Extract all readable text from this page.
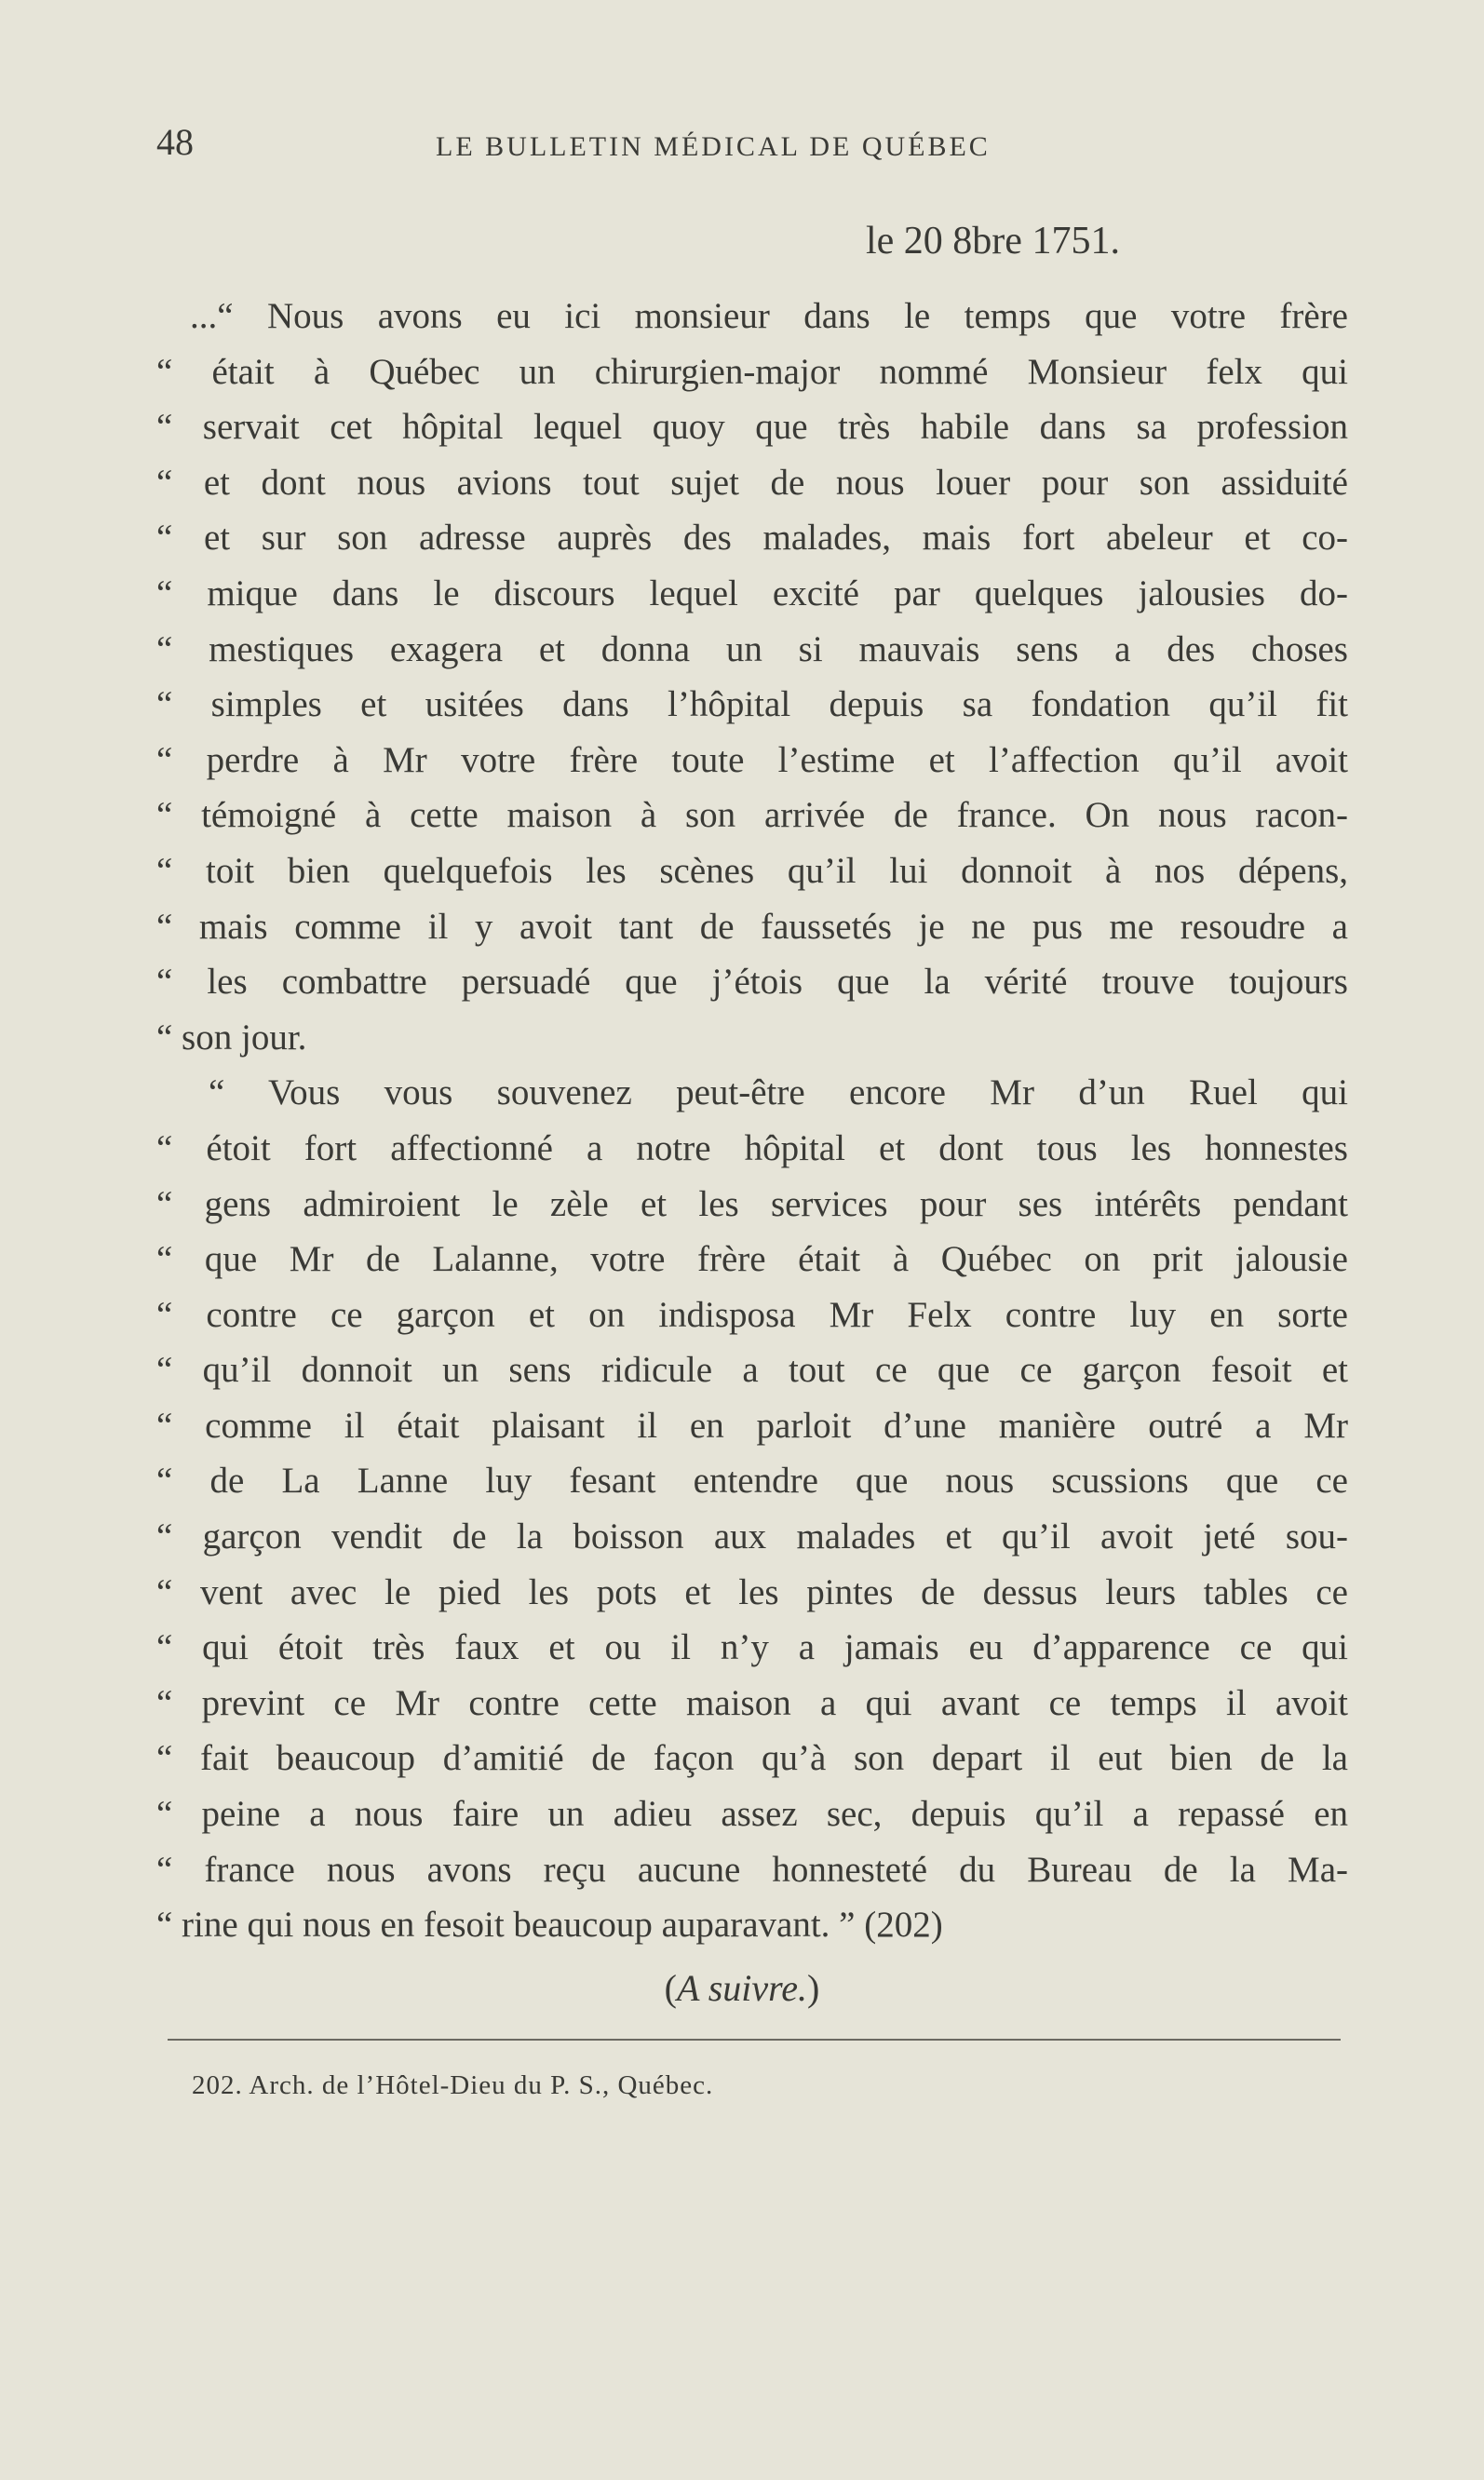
48	LE BULLETIN MÉDICAL DE QUÉBEC
le 20 8bre 1751.
...“ Nous avons eu ici monsieur dans le temps que votre frère
“ était à Québec un chirurgien-major nommé Monsieur felx qui
“ servait cet hôpital lequel quoy que très habile dans sa profession
“ et dont nous avions tout sujet de nous louer pour son assiduité
“ et sur son adresse auprès des malades, mais fort abeleur et co-
“ mique dans le discours lequel excité par quelques jalousies do-
“ mestiques exagera et donna un si mauvais sens a des choses
“ simples et usitées dans l’hôpital depuis sa fondation qu’il fit
“ perdre à Mr votre frère toute l’estime et l’affection qu’il avoit
“ témoigné à cette maison à son arrivée de france. On nous racon-
“ toit bien quelquefois les scènes qu’il lui donnoit à nos dépens,
“ mais comme il y avoit tant de faussetés je ne pus me resoudre a
“ les combattre persuadé que j’étois que la vérité trouve toujours
“ son jour.
“ Vous vous souvenez peut-être encore Mr d’un Ruel qui
“ étoit fort affectionné a notre hôpital et dont tous les honnestes
“ gens admiroient le zèle et les services pour ses intérêts pendant
“ que Mr de Lalanne, votre frère était à Québec on prit jalousie
“ contre ce garçon et on indisposa Mr Felx contre luy en sorte
“ qu’il donnoit un sens ridicule a tout ce que ce garçon fesoit et
“ comme il était plaisant il en parloit d’une manière outré a Mr
“ de La Lanne luy fesant entendre que nous scussions que ce
“ garçon vendit de la boisson aux malades et qu’il avoit jeté sou-
“ vent avec le pied les pots et les pintes de dessus leurs tables ce
“ qui étoit très faux et ou il n’y a jamais eu d’apparence ce qui
“ prevint ce Mr contre cette maison a qui avant ce temps il avoit
“ fait beaucoup d’amitié de façon qu’à son depart il eut bien de la
“ peine a nous faire un adieu assez sec, depuis qu’il a repassé en
“ france nous avons reçu aucune honnesteté du Bureau de la Ma-
“ rine qui nous en fesoit beaucoup auparavant. ” (202)
(A suivre.)
202. Arch. de l’Hôtel-Dieu du P. S., Québec.
